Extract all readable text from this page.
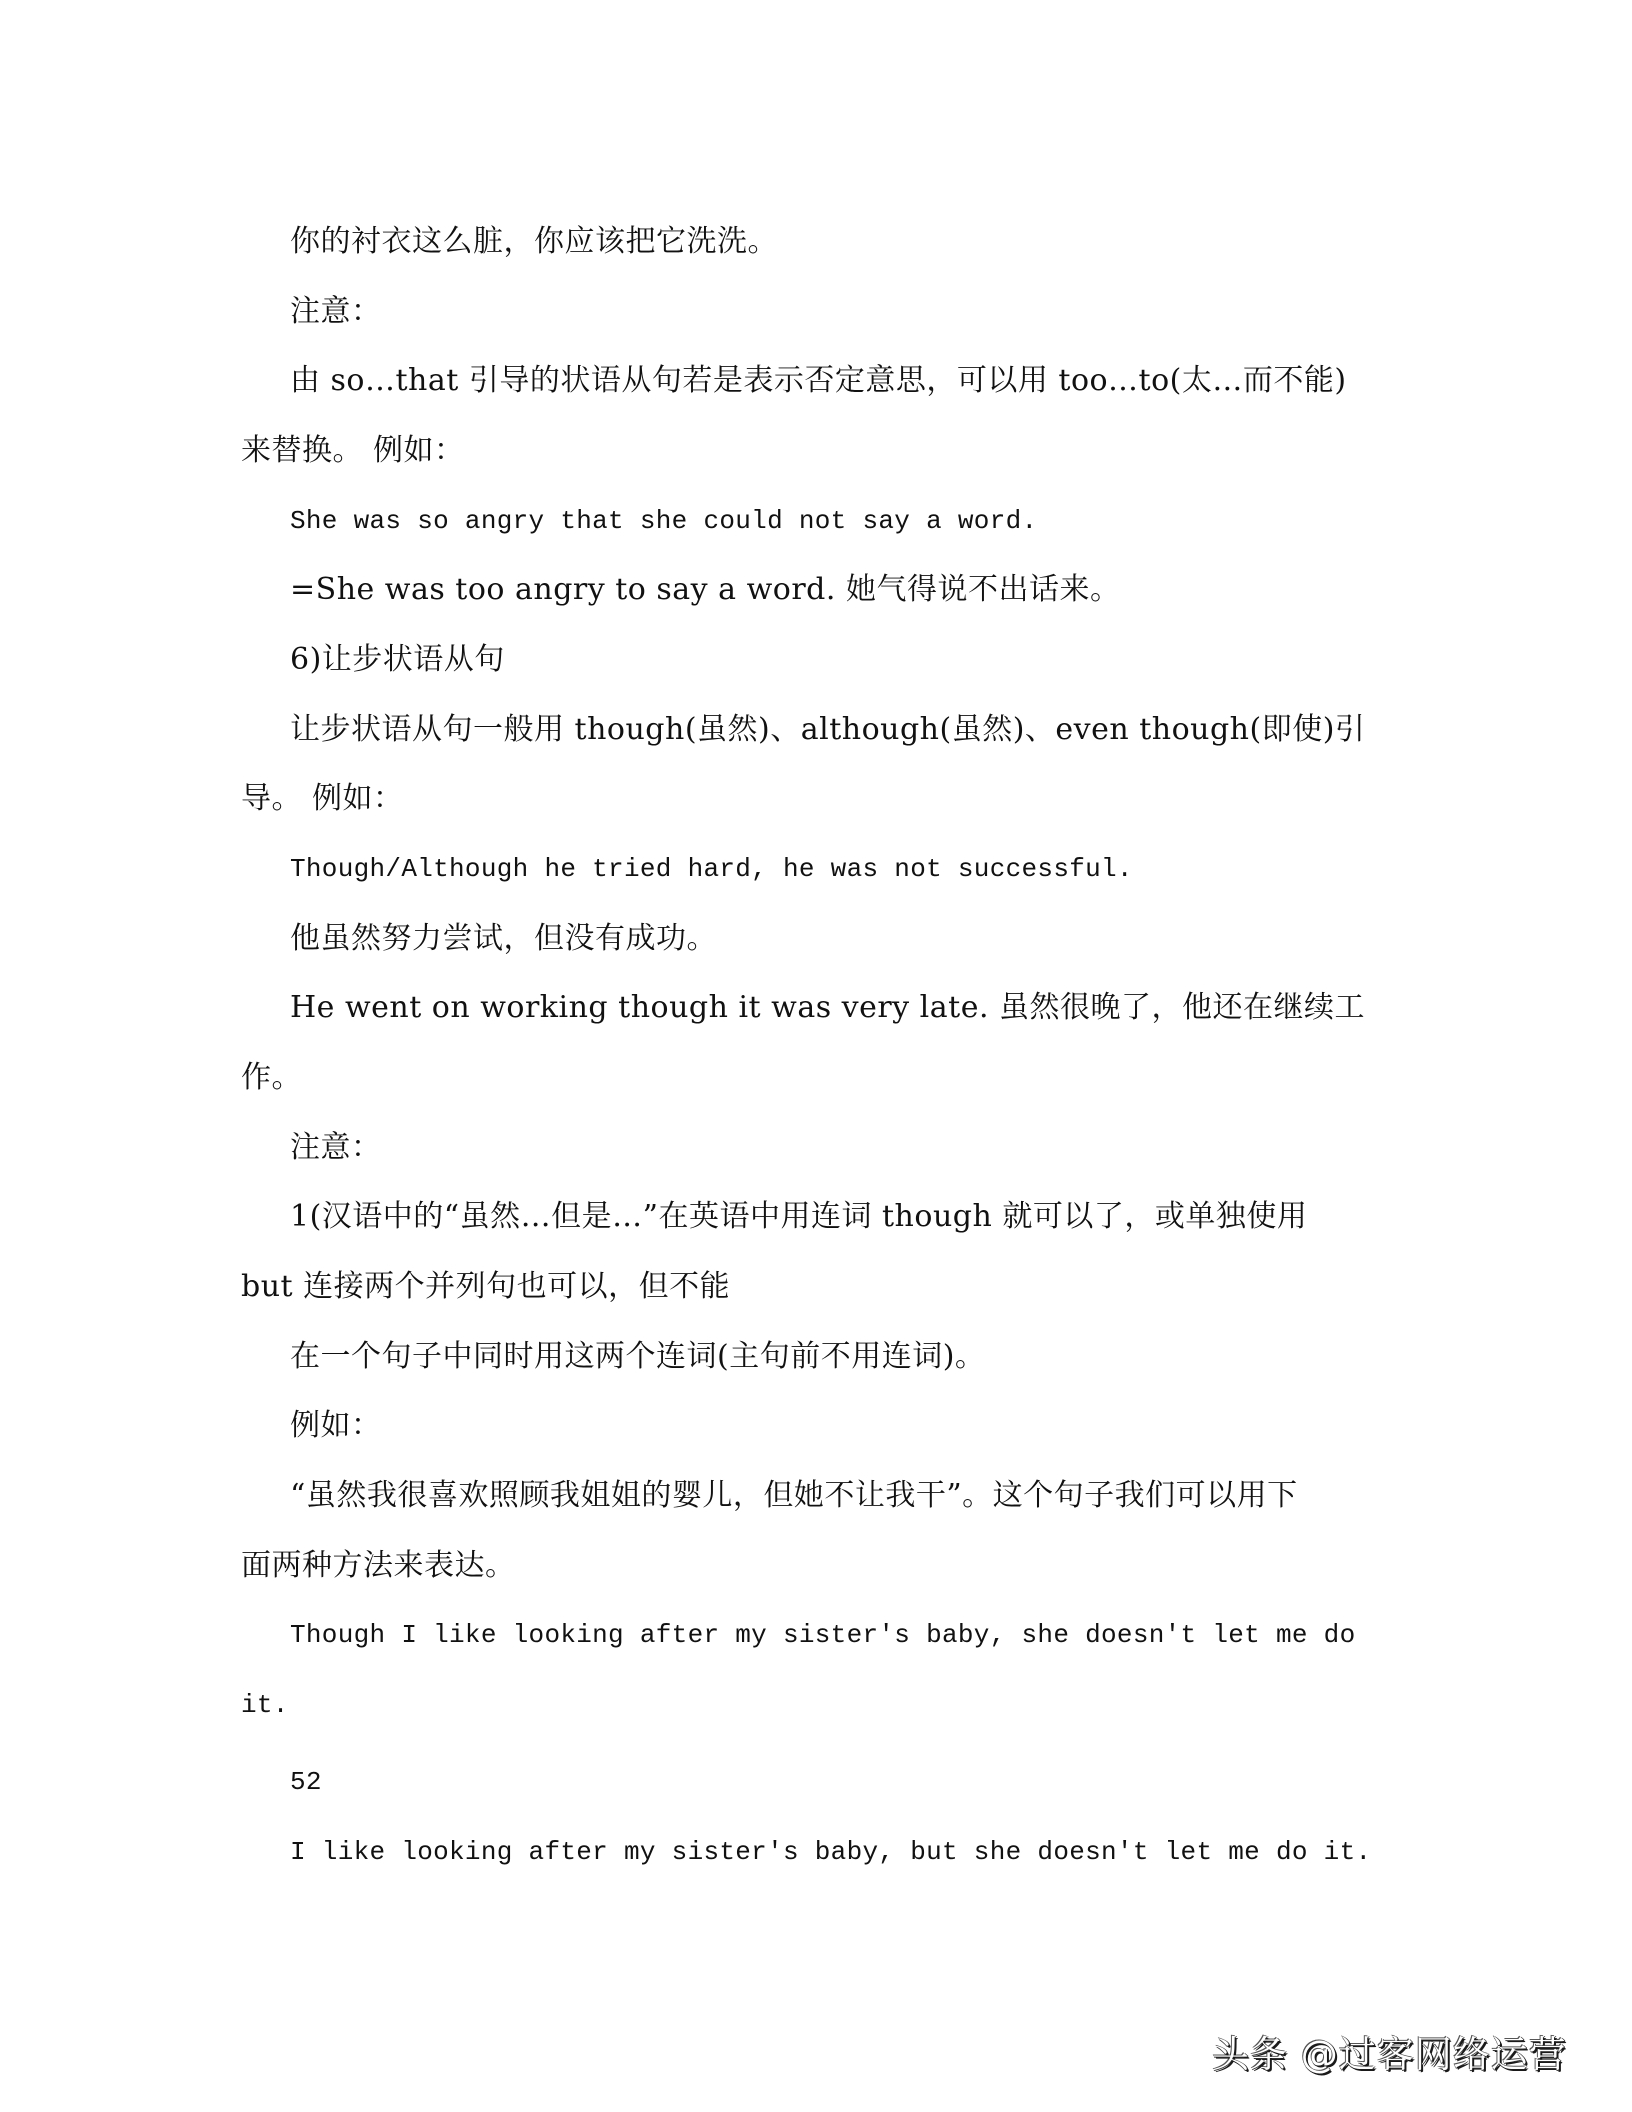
你的衬衣这么脏，你应该把它洗洗。
注意：
由 so…that 引导的状语从句若是表示否定意思，可以用 too…to(太…而不能)
来替换。 例如：
She was so angry that she could not say a word.
=She was too angry to say a word. 她气得说不出话来。
6)让步状语从句
让步状语从句一般用 though(虽然)、although(虽然)、even though(即使)引
导。 例如：
Though/Although he tried hard, he was not successful.
他虽然努力尝试，但没有成功。
He went on working though it was very late. 虽然很晚了，他还在继续工
作。
注意：
1(汉语中的“虽然…但是…”在英语中用连词 though 就可以了，或单独使用
but 连接两个并列句也可以，但不能
在一个句子中同时用这两个连词(主句前不用连词)。
例如：
“虽然我很喜欢照顾我姐姐的婴儿，但她不让我干”。这个句子我们可以用下
面两种方法来表达。
Though I like looking after my sister's baby, she doesn't let me do
it.
52
I like looking after my sister's baby, but she doesn't let me do it.
头条 @过客网络运营
